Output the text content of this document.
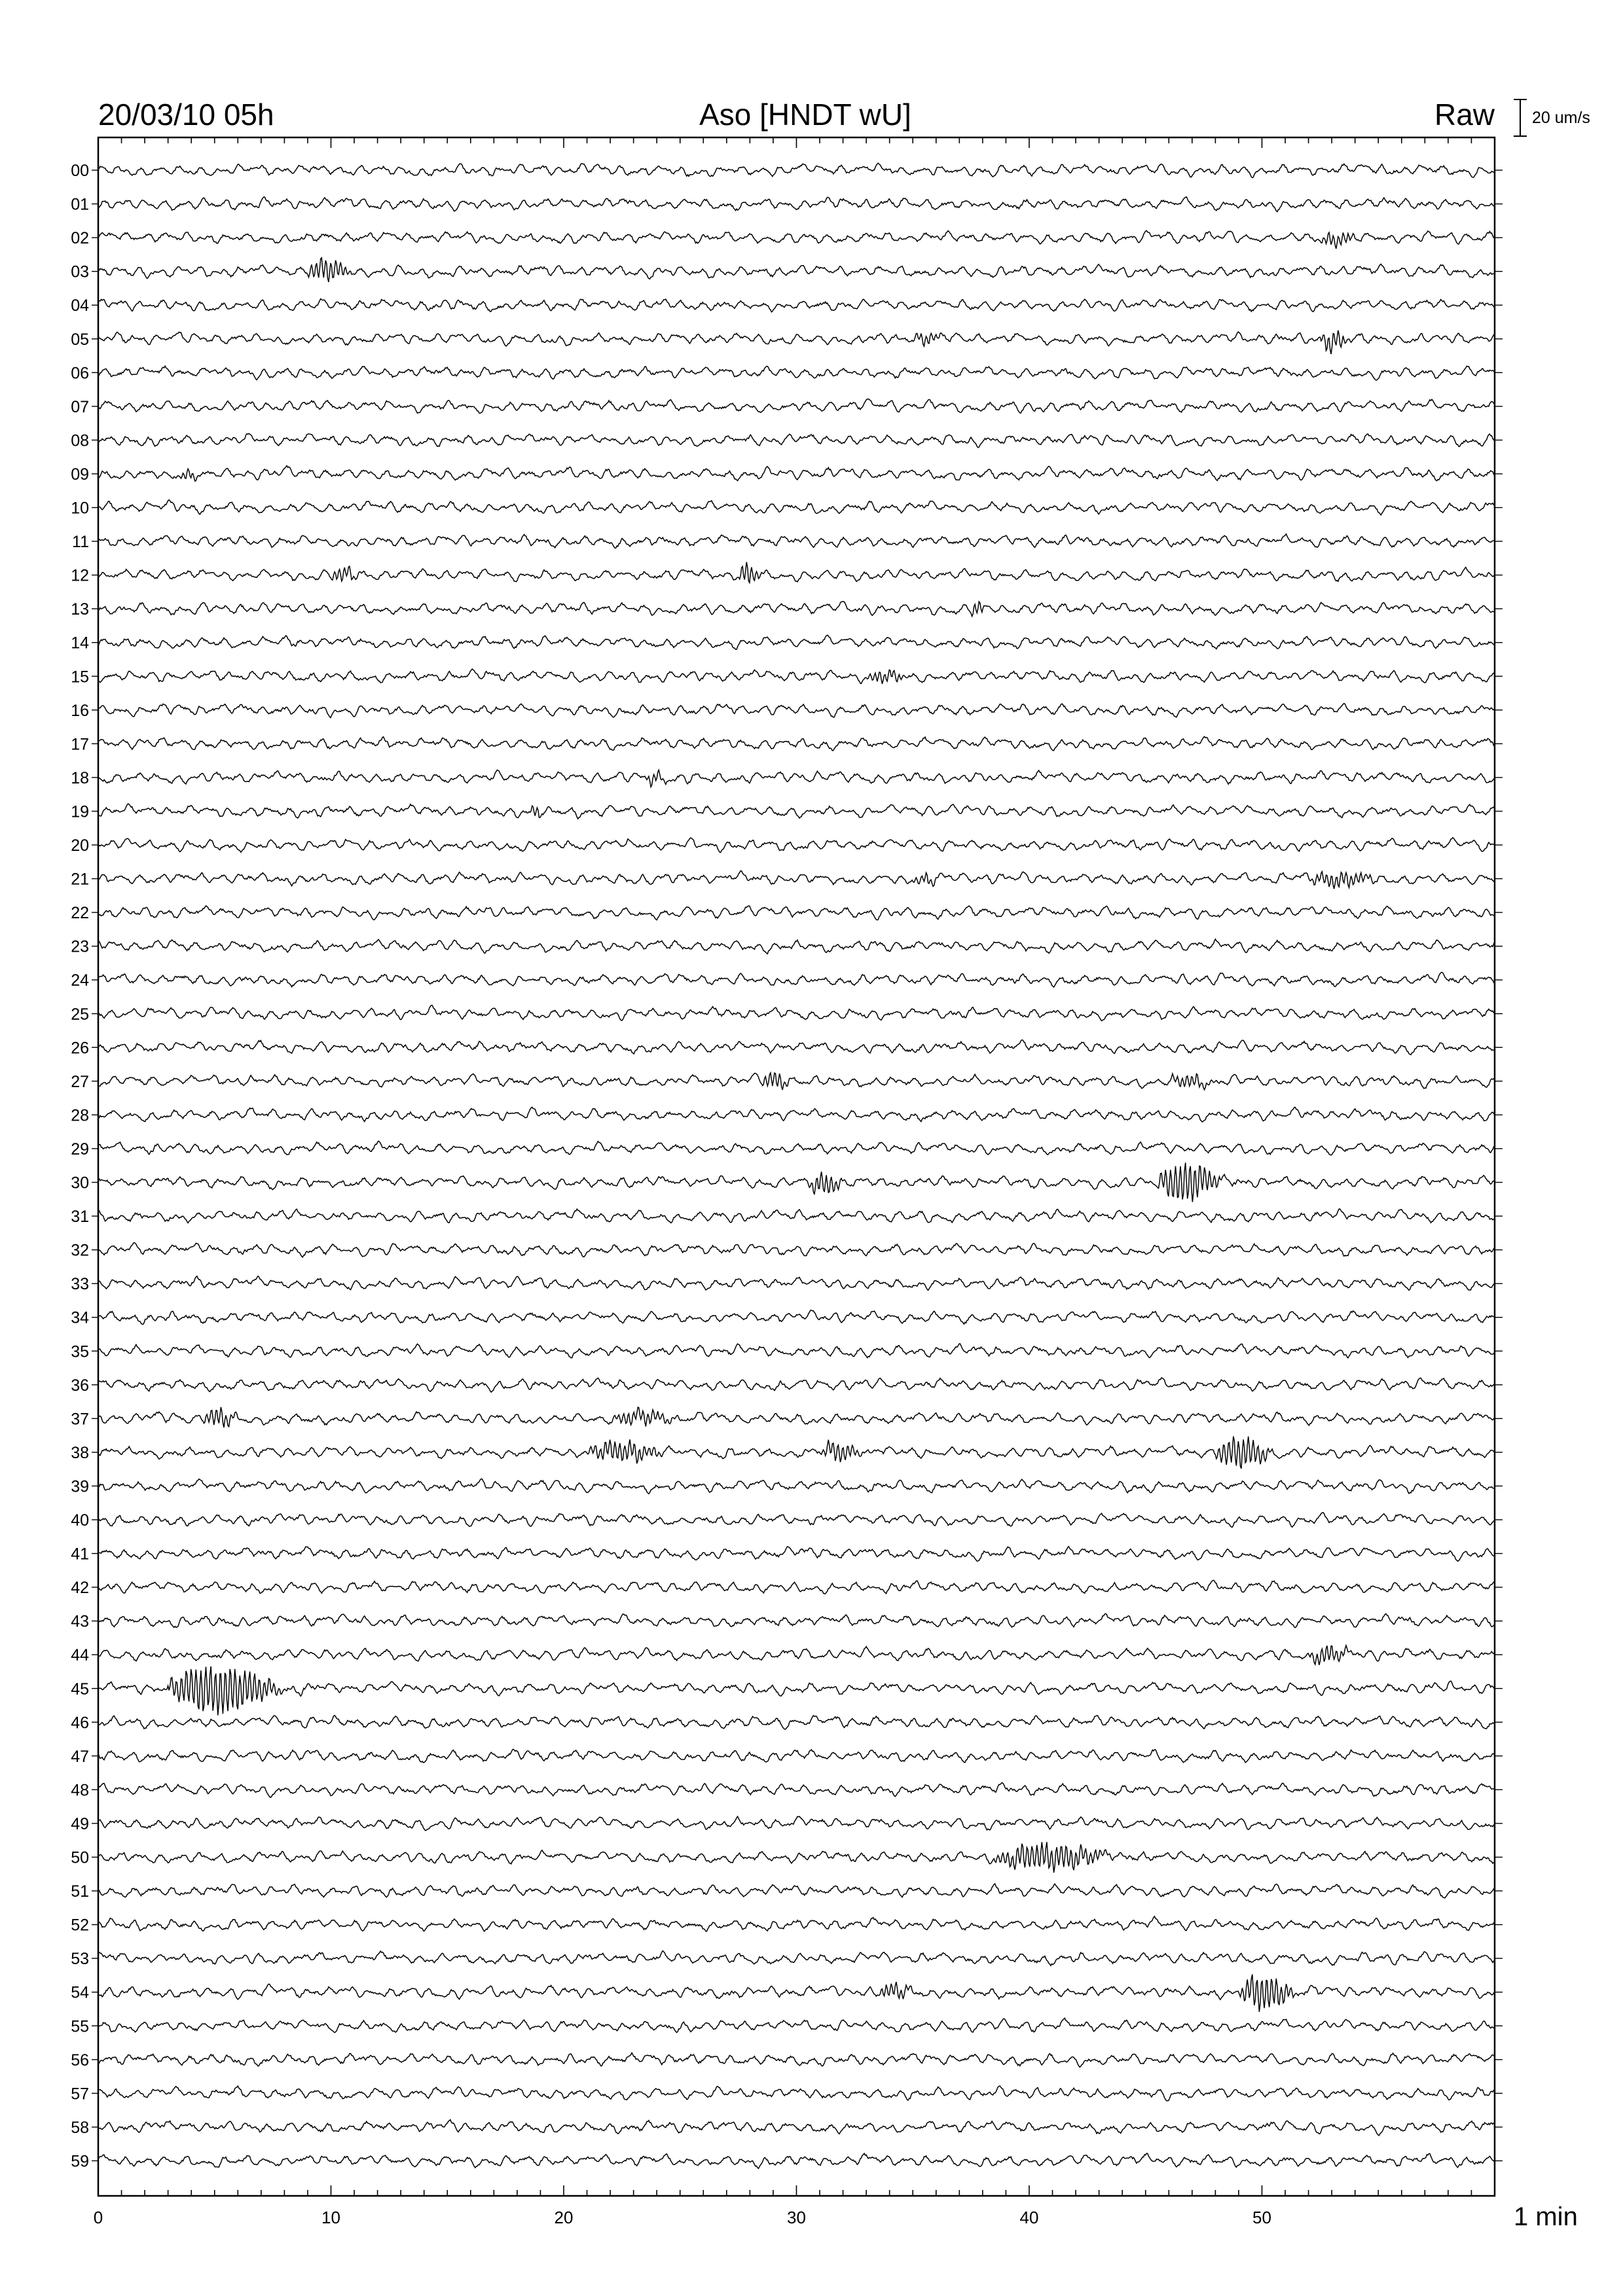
20/03/10 05h	Aso [HNDT wU]	Raw 20 um/s
00
01
02
03
04
05
06
07
08
09
10
11
12
13
14
15
16
17
18
19
20
21
22
23
24
25
26
27
28
29
30
31
32
33
34
35
36
37
38
39
40
41
42
43
44
45
46
47
48
49
50
51
52
53
54
55
56
57
58
59
0	10	20	30	40	50	1 min
